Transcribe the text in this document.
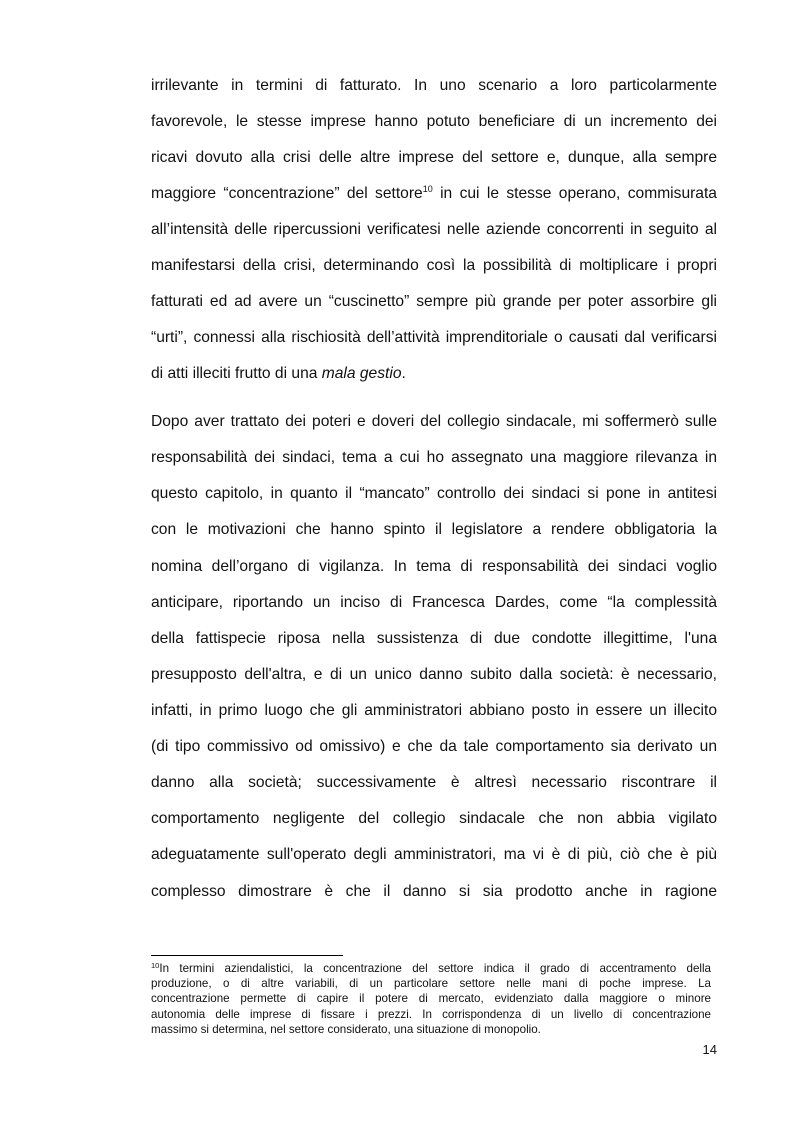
irrilevante in termini di fatturato. In uno scenario a loro particolarmente
favorevole, le stesse imprese hanno potuto beneficiare di un incremento dei
ricavi dovuto alla crisi delle altre imprese del settore e, dunque, alla sempre
maggiore “concentrazione” del settore$^{10}$ in cui le stesse operano, commisurata
all’intensità delle ripercussioni verificatesi nelle aziende concorrenti in seguito al
manifestarsi della crisi, determinando così la possibilità di moltiplicare i propri
fatturati ed ad avere un “cuscinetto” sempre più grande per poter assorbire gli
“urti”, connessi alla rischiosità dell’attività imprenditoriale o causati dal verificarsi
di atti illeciti frutto di una mala gestio.
Dopo aver trattato dei poteri e doveri del collegio sindacale, mi soffermerò sulle
responsabilità dei sindaci, tema a cui ho assegnato una maggiore rilevanza in
questo capitolo, in quanto il “mancato” controllo dei sindaci si pone in antitesi
con le motivazioni che hanno spinto il legislatore a rendere obbligatoria la
nomina dell’organo di vigilanza. In tema di responsabilità dei sindaci voglio
anticipare, riportando un inciso di Francesca Dardes, come “la complessità
della fattispecie riposa nella sussistenza di due condotte illegittime, l'una
presupposto dell'altra, e di un unico danno subito dalla società: è necessario,
infatti, in primo luogo che gli amministratori abbiano posto in essere un illecito
(di tipo commissivo od omissivo) e che da tale comportamento sia derivato un
danno alla società; successivamente è altresì necessario riscontrare il
comportamento negligente del collegio sindacale che non abbia vigilato
adeguatamente sull'operato degli amministratori, ma vi è di più, ciò che è più
complesso dimostrare è che il danno si sia prodotto anche in ragione
$^{10}$In termini aziendalistici, la concentrazione del settore indica il grado di accentramento della
produzione, o di altre variabili, di un particolare settore nelle mani di poche imprese. La
concentrazione permette di capire il potere di mercato, evidenziato dalla maggiore o minore
autonomia delle imprese di fissare i prezzi. In corrispondenza di un livello di concentrazione
massimo si determina, nel settore considerato, una situazione di monopolio.
14
